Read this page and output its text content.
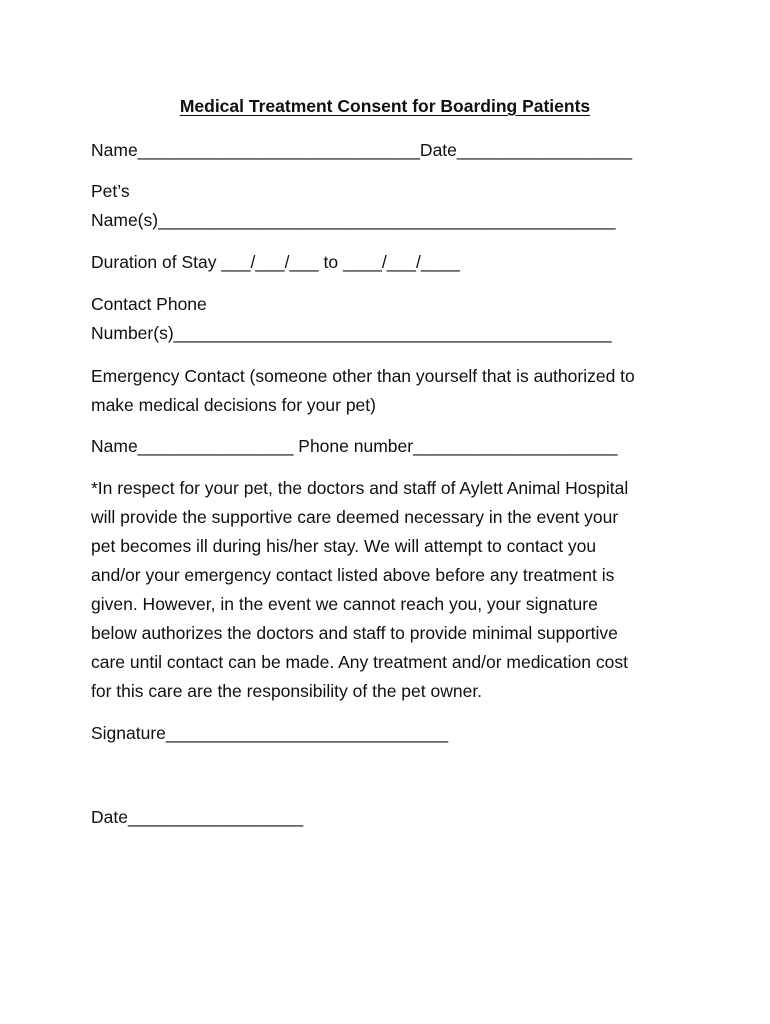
Medical Treatment Consent for Boarding Patients
Name_____________________________Date__________________
Pet’s
Name(s)_______________________________________________
Duration of Stay ___/___/___ to ____/___/____
Contact Phone
Number(s)_____________________________________________
Emergency Contact (someone other than yourself that is authorized to
make medical decisions for your pet)
Name________________ Phone number_____________________
*In respect for your pet, the doctors and staff of Aylett Animal Hospital
will provide the supportive care deemed necessary in the event your
pet becomes ill during his/her stay. We will attempt to contact you
and/or your emergency contact listed above before any treatment is
given. However, in the event we cannot reach you, your signature
below authorizes the doctors and staff to provide minimal supportive
care until contact can be made. Any treatment and/or medication cost
for this care are the responsibility of the pet owner.
Signature_____________________________
Date__________________
